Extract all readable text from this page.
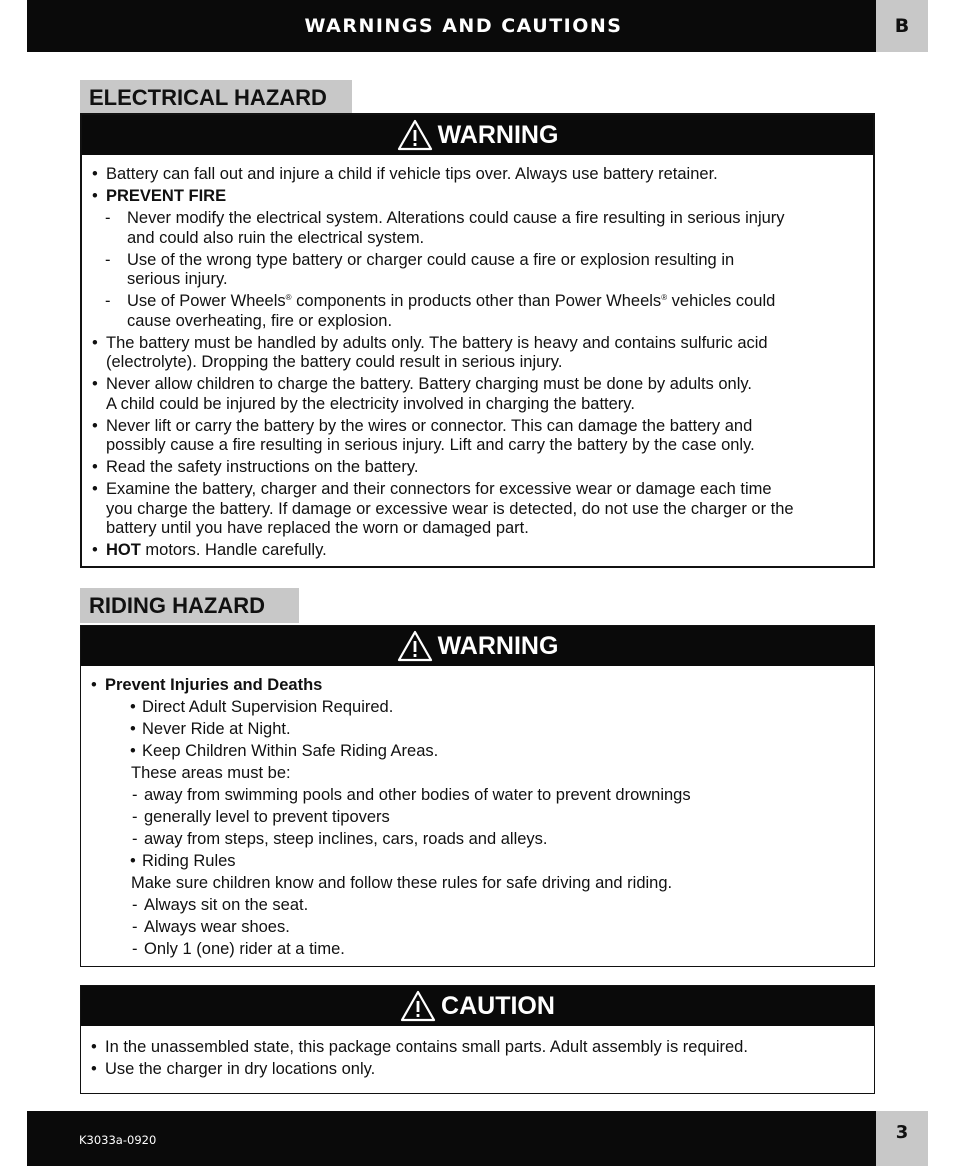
WARNINGS AND CAUTIONS	B
ELECTRICAL HAZARD
WARNING
• Battery can fall out and injure a child if vehicle tips over. Always use battery retainer.
• PREVENT FIRE
- Never modify the electrical system. Alterations could cause a fire resulting in serious injury
and could also ruin the electrical system.
- Use of the wrong type battery or charger could cause a fire or explosion resulting in
serious injury.
- Use of Power Wheels® components in products other than Power Wheels® vehicles could
cause overheating, fire or explosion.
• The battery must be handled by adults only. The battery is heavy and contains sulfuric acid
(electrolyte). Dropping the battery could result in serious injury.
• Never allow children to charge the battery. Battery charging must be done by adults only.
A child could be injured by the electricity involved in charging the battery.
• Never lift or carry the battery by the wires or connector. This can damage the battery and
possibly cause a fire resulting in serious injury. Lift and carry the battery by the case only.
• Read the safety instructions on the battery.
• Examine the battery, charger and their connectors for excessive wear or damage each time
you charge the battery. If damage or excessive wear is detected, do not use the charger or the
battery until you have replaced the worn or damaged part.
• HOT motors. Handle carefully.
RIDING HAZARD
WARNING
• Prevent Injuries and Deaths
• Direct Adult Supervision Required.
• Never Ride at Night.
• Keep Children Within Safe Riding Areas.
These areas must be:
- away from swimming pools and other bodies of water to prevent drownings
- generally level to prevent tipovers
- away from steps, steep inclines, cars, roads and alleys.
• Riding Rules
Make sure children know and follow these rules for safe driving and riding.
- Always sit on the seat.
- Always wear shoes.
- Only 1 (one) rider at a time.
CAUTION
• In the unassembled state, this package contains small parts. Adult assembly is required.
• Use the charger in dry locations only.
K3033a-0920	3
